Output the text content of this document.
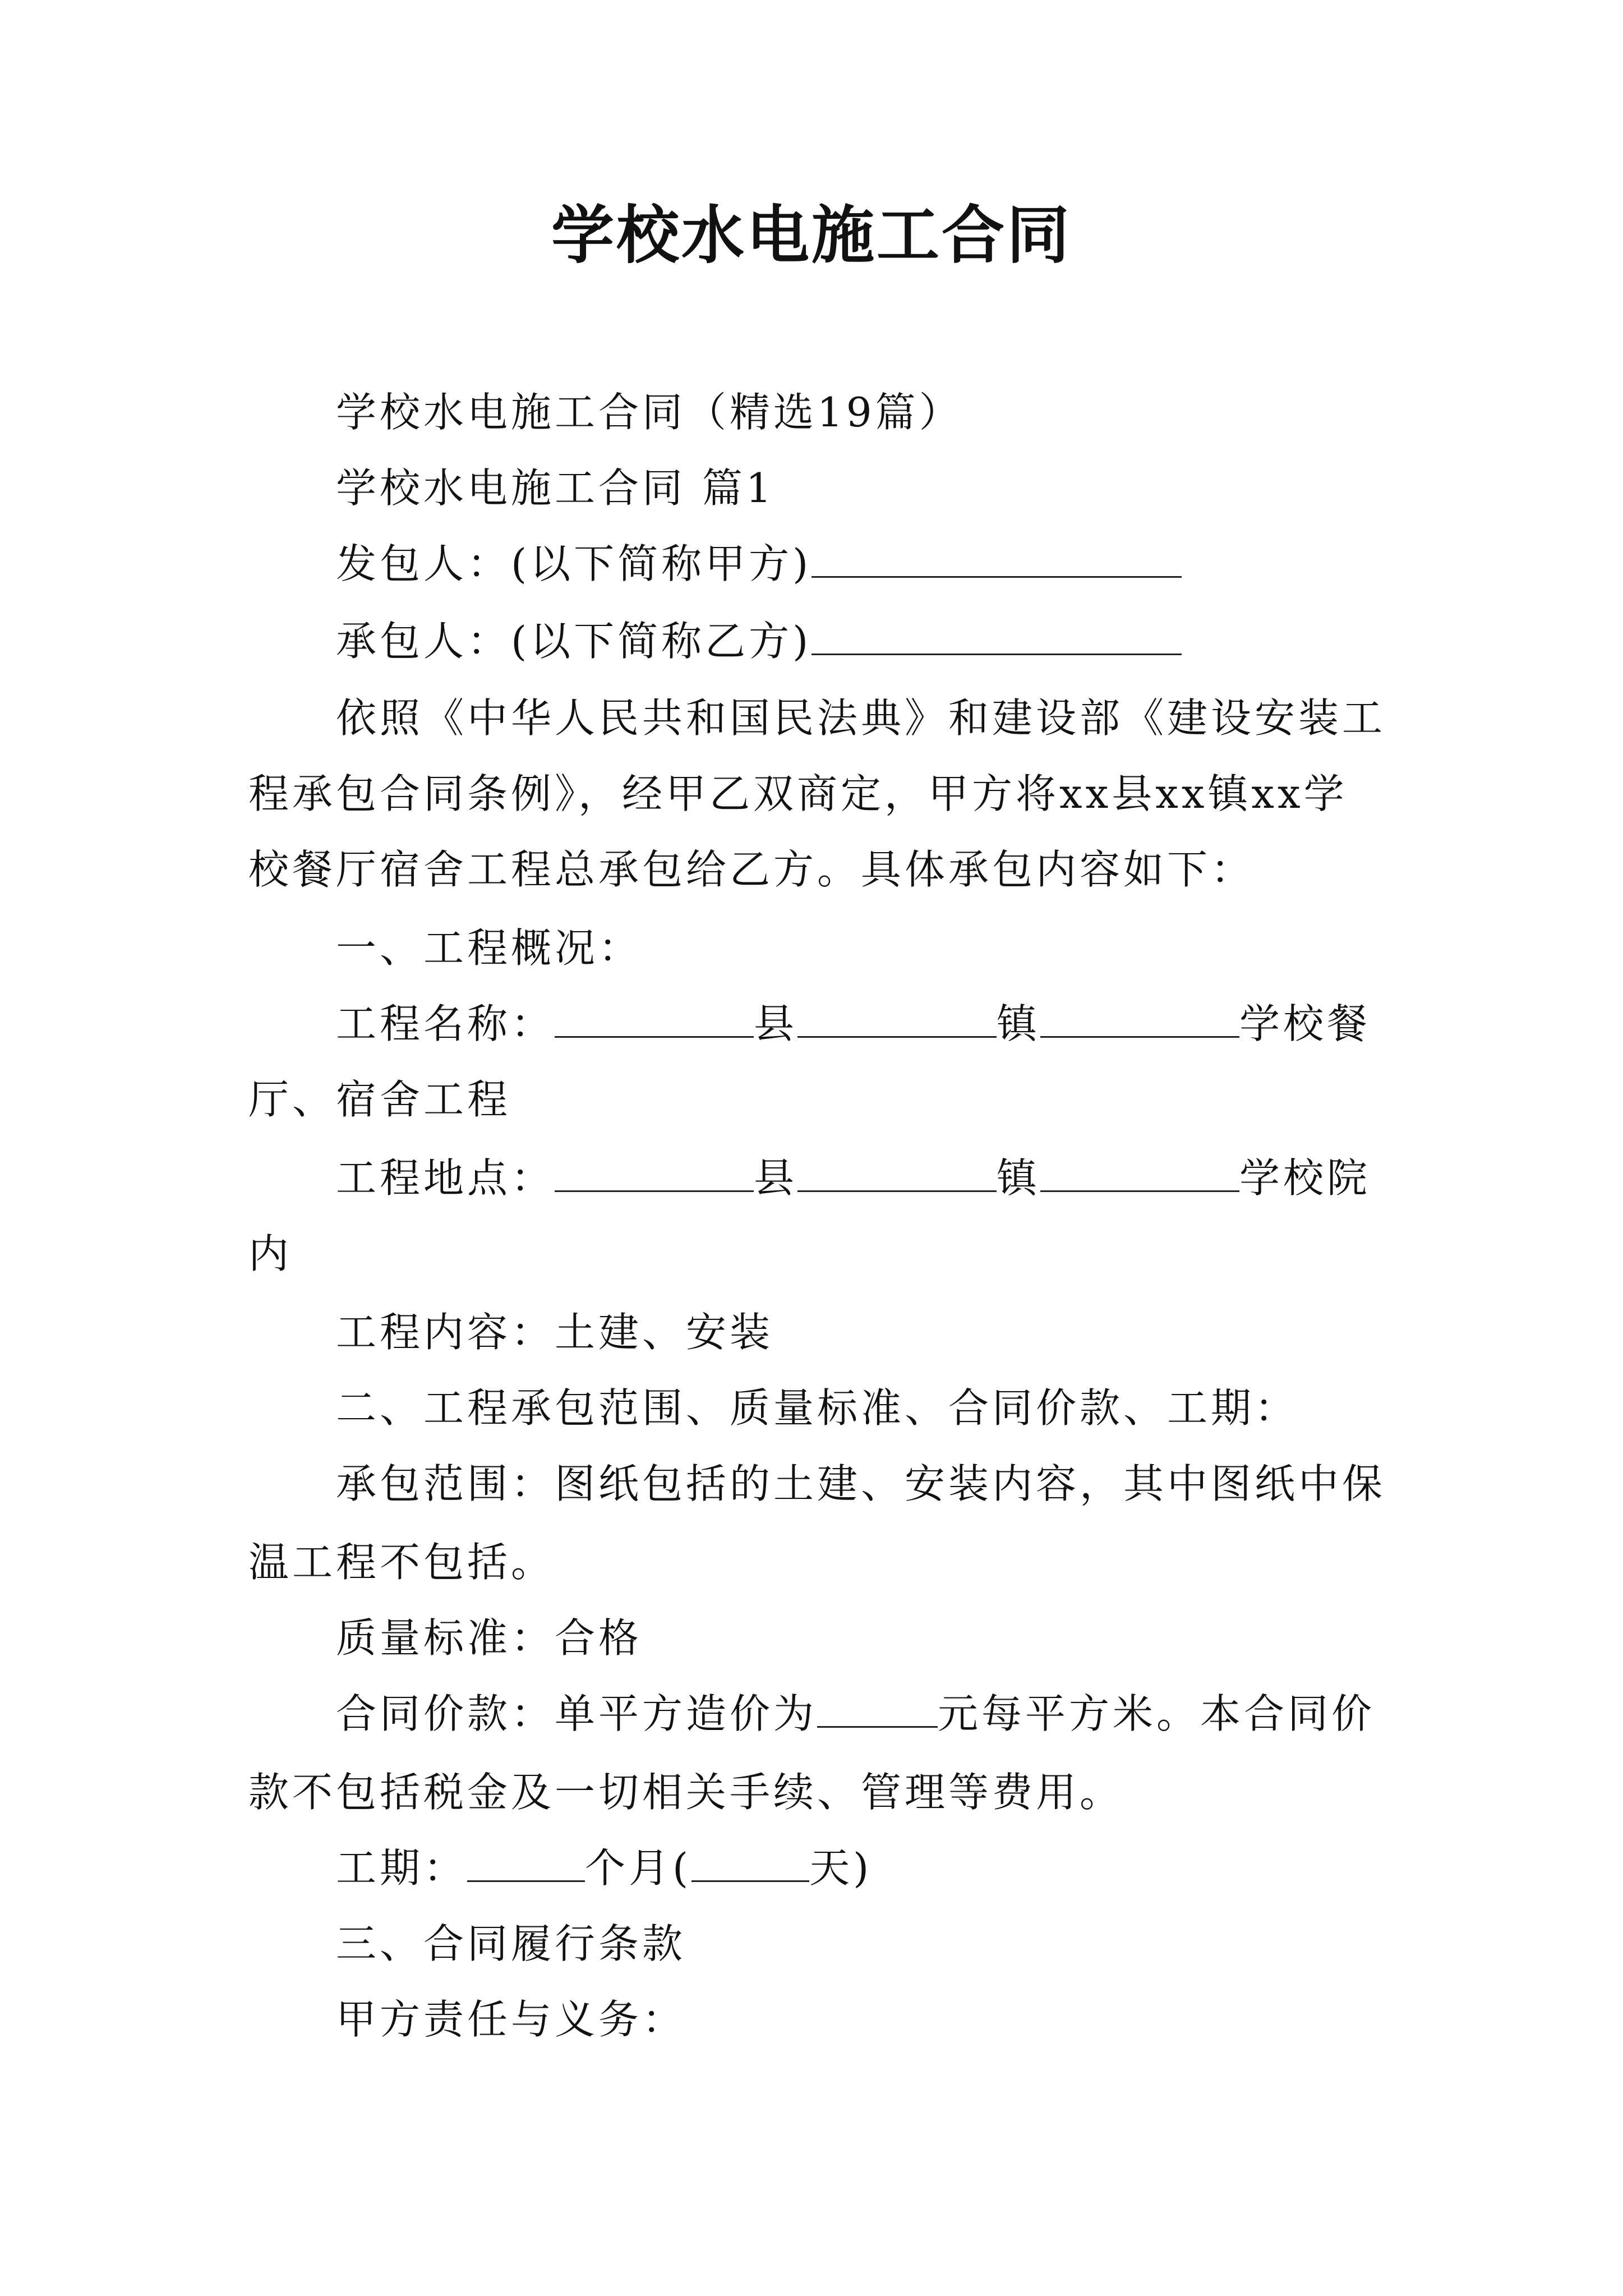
学校水电施工合同
学校水电施工合同（精选19篇）
学校水电施工合同 篇1
发包人：(以下简称甲方)
承包人：(以下简称乙方)
依照《中华人民共和国民法典》和建设部《建设安装工
程承包合同条例》，经甲乙双商定，甲方将xx县xx镇xx学
校餐厅宿舍工程总承包给乙方。具体承包内容如下：
一、工程概况：
工程名称：	县	镇	学校餐
厅、宿舍工程
工程地点：	县	镇	学校院
内
工程内容：土建、安装
二、工程承包范围、质量标准、合同价款、工期：
承包范围：图纸包括的土建、安装内容，其中图纸中保
温工程不包括。
质量标准：合格
合同价款：单平方造价为	元每平方米。本合同价
款不包括税金及一切相关手续、管理等费用。
工期：	个月(	天)
三、合同履行条款
甲方责任与义务：
